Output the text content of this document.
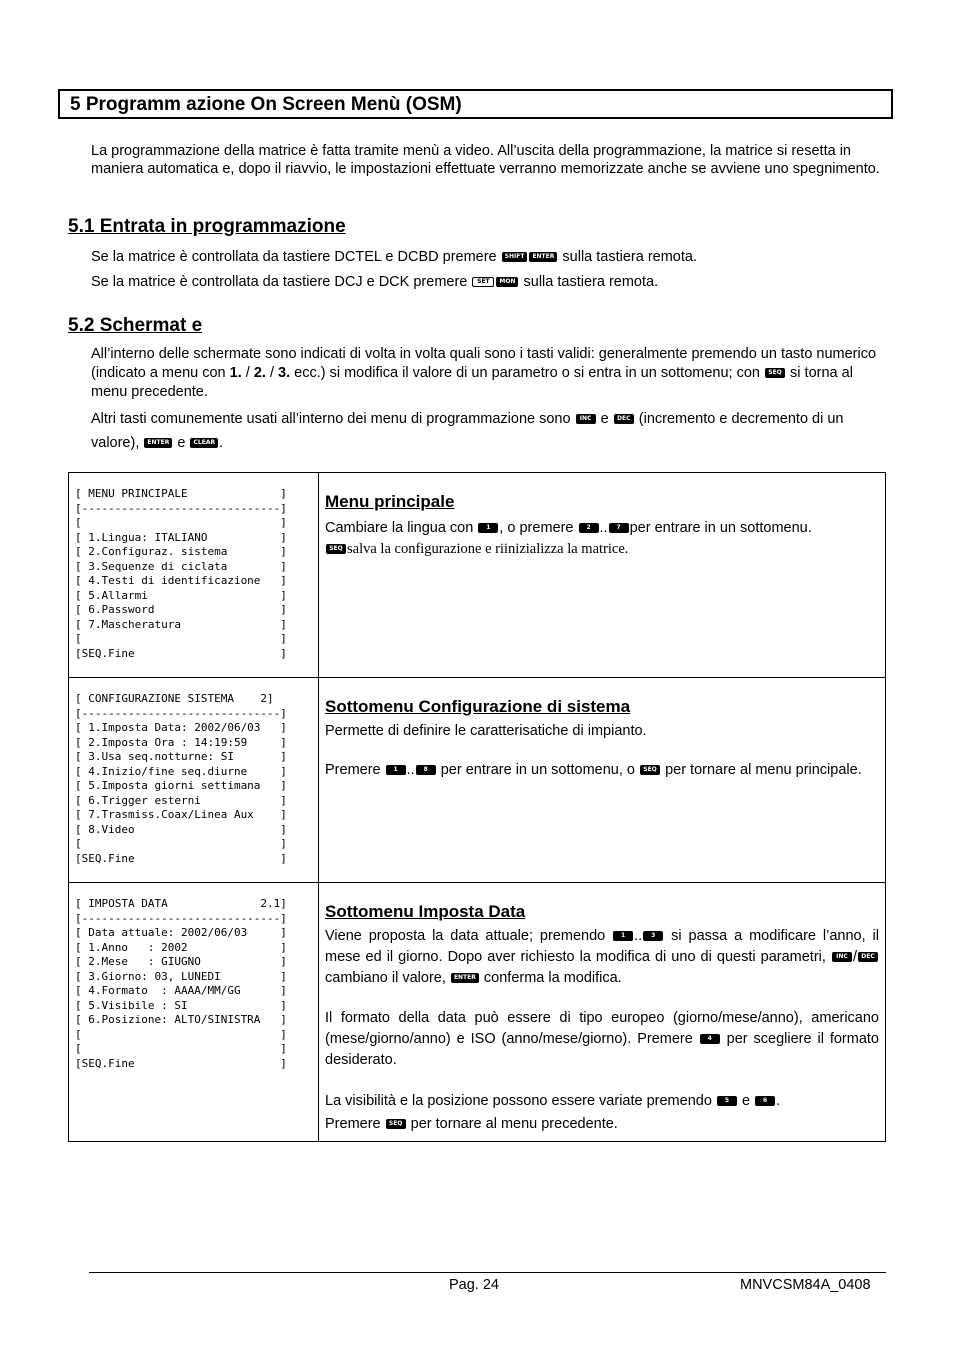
5 Programm azione On Screen Menù (OSM)
La programmazione della matrice è fatta tramite menù a video. All’uscita della programmazione, la matrice si resetta in maniera automatica e, dopo il riavvio, le impostazioni effettuate verranno memorizzate anche se avviene uno spegnimento.
5.1 Entrata in programmazione
Se la matrice è controllata da tastiere DCTEL e DCBD premere SHIFT ENTER sulla tastiera remota.
Se la matrice è controllata da tastiere DCJ e DCK premere SET MON sulla tastiera remota.
5.2 Schermat e
All’interno delle schermate sono indicati di volta in volta quali sono i tasti validi: generalmente premendo un tasto numerico (indicato a menu con 1. / 2. / 3. ecc.) si modifica il valore di un parametro o si entra in un sottomenu; con SEQ si torna al menu precedente.
Altri tasti comunemente usati all’interno dei menu di programmazione sono INC e DEC (incremento e decremento di un valore), ENTER e CLEAR .
[ MENU PRINCIPALE              ]
[------------------------------]
[                              ]
[ 1.Lingua: ITALIANO           ]
[ 2.Configuraz. sistema        ]
[ 3.Sequenze di ciclata        ]
[ 4.Testi di identificazione   ]
[ 5.Allarmi                    ]
[ 6.Password                   ]
[ 7.Mascheratura               ]
[                              ]
[SEQ.Fine                      ]
Menu principale

Cambiare la lingua con 1 , o premere 2 .. 7 per entrare in un sottomenu.

SEQ salva la configurazione e riinizializza la matrice.

[ CONFIGURAZIONE SISTEMA    2]
[------------------------------]
[ 1.Imposta Data: 2002/06/03   ]
[ 2.Imposta Ora : 14:19:59     ]
[ 3.Usa seq.notturne: SI       ]
[ 4.Inizio/fine seq.diurne     ]
[ 5.Imposta giorni settimana   ]
[ 6.Trigger esterni            ]
[ 7.Trasmiss.Coax/Linea Aux    ]
[ 8.Video                      ]
[                              ]
[SEQ.Fine                      ]
Sottomenu Configurazione di sistema

Permette di definire le caratterisatiche di impianto.

Premere 1 .. 8 per entrare in un sottomenu, o SEQ per tornare al menu principale.

[ IMPOSTA DATA              2.1]
[------------------------------]
[ Data attuale: 2002/06/03     ]
[ 1.Anno   : 2002              ]
[ 2.Mese   : GIUGNO            ]
[ 3.Giorno: 03, LUNEDI         ]
[ 4.Formato  : AAAA/MM/GG      ]
[ 5.Visibile : SI              ]
[ 6.Posizione: ALTO/SINISTRA   ]
[                              ]
[                              ]
[SEQ.Fine                      ]
Sottomenu Imposta Data

Viene proposta la data attuale; premendo	1 .. 3 si passa a modificare l’anno, il mese ed il giorno. Dopo aver richiesto la modifica di uno di questi parametri, INC / DEC cambiano il valore, ENTER conferma la modifica.

Il formato della data può essere di tipo europeo (giorno/mese/anno), americano (mese/giorno/anno) e ISO (anno/mese/giorno). Premere 4 per scegliere il formato desiderato.

La visibilità e la posizione possono essere variate premendo 5 e 6 .
Premere SEQ per tornare al menu precedente.

Pag. 24	MNVCSM84A_0408
